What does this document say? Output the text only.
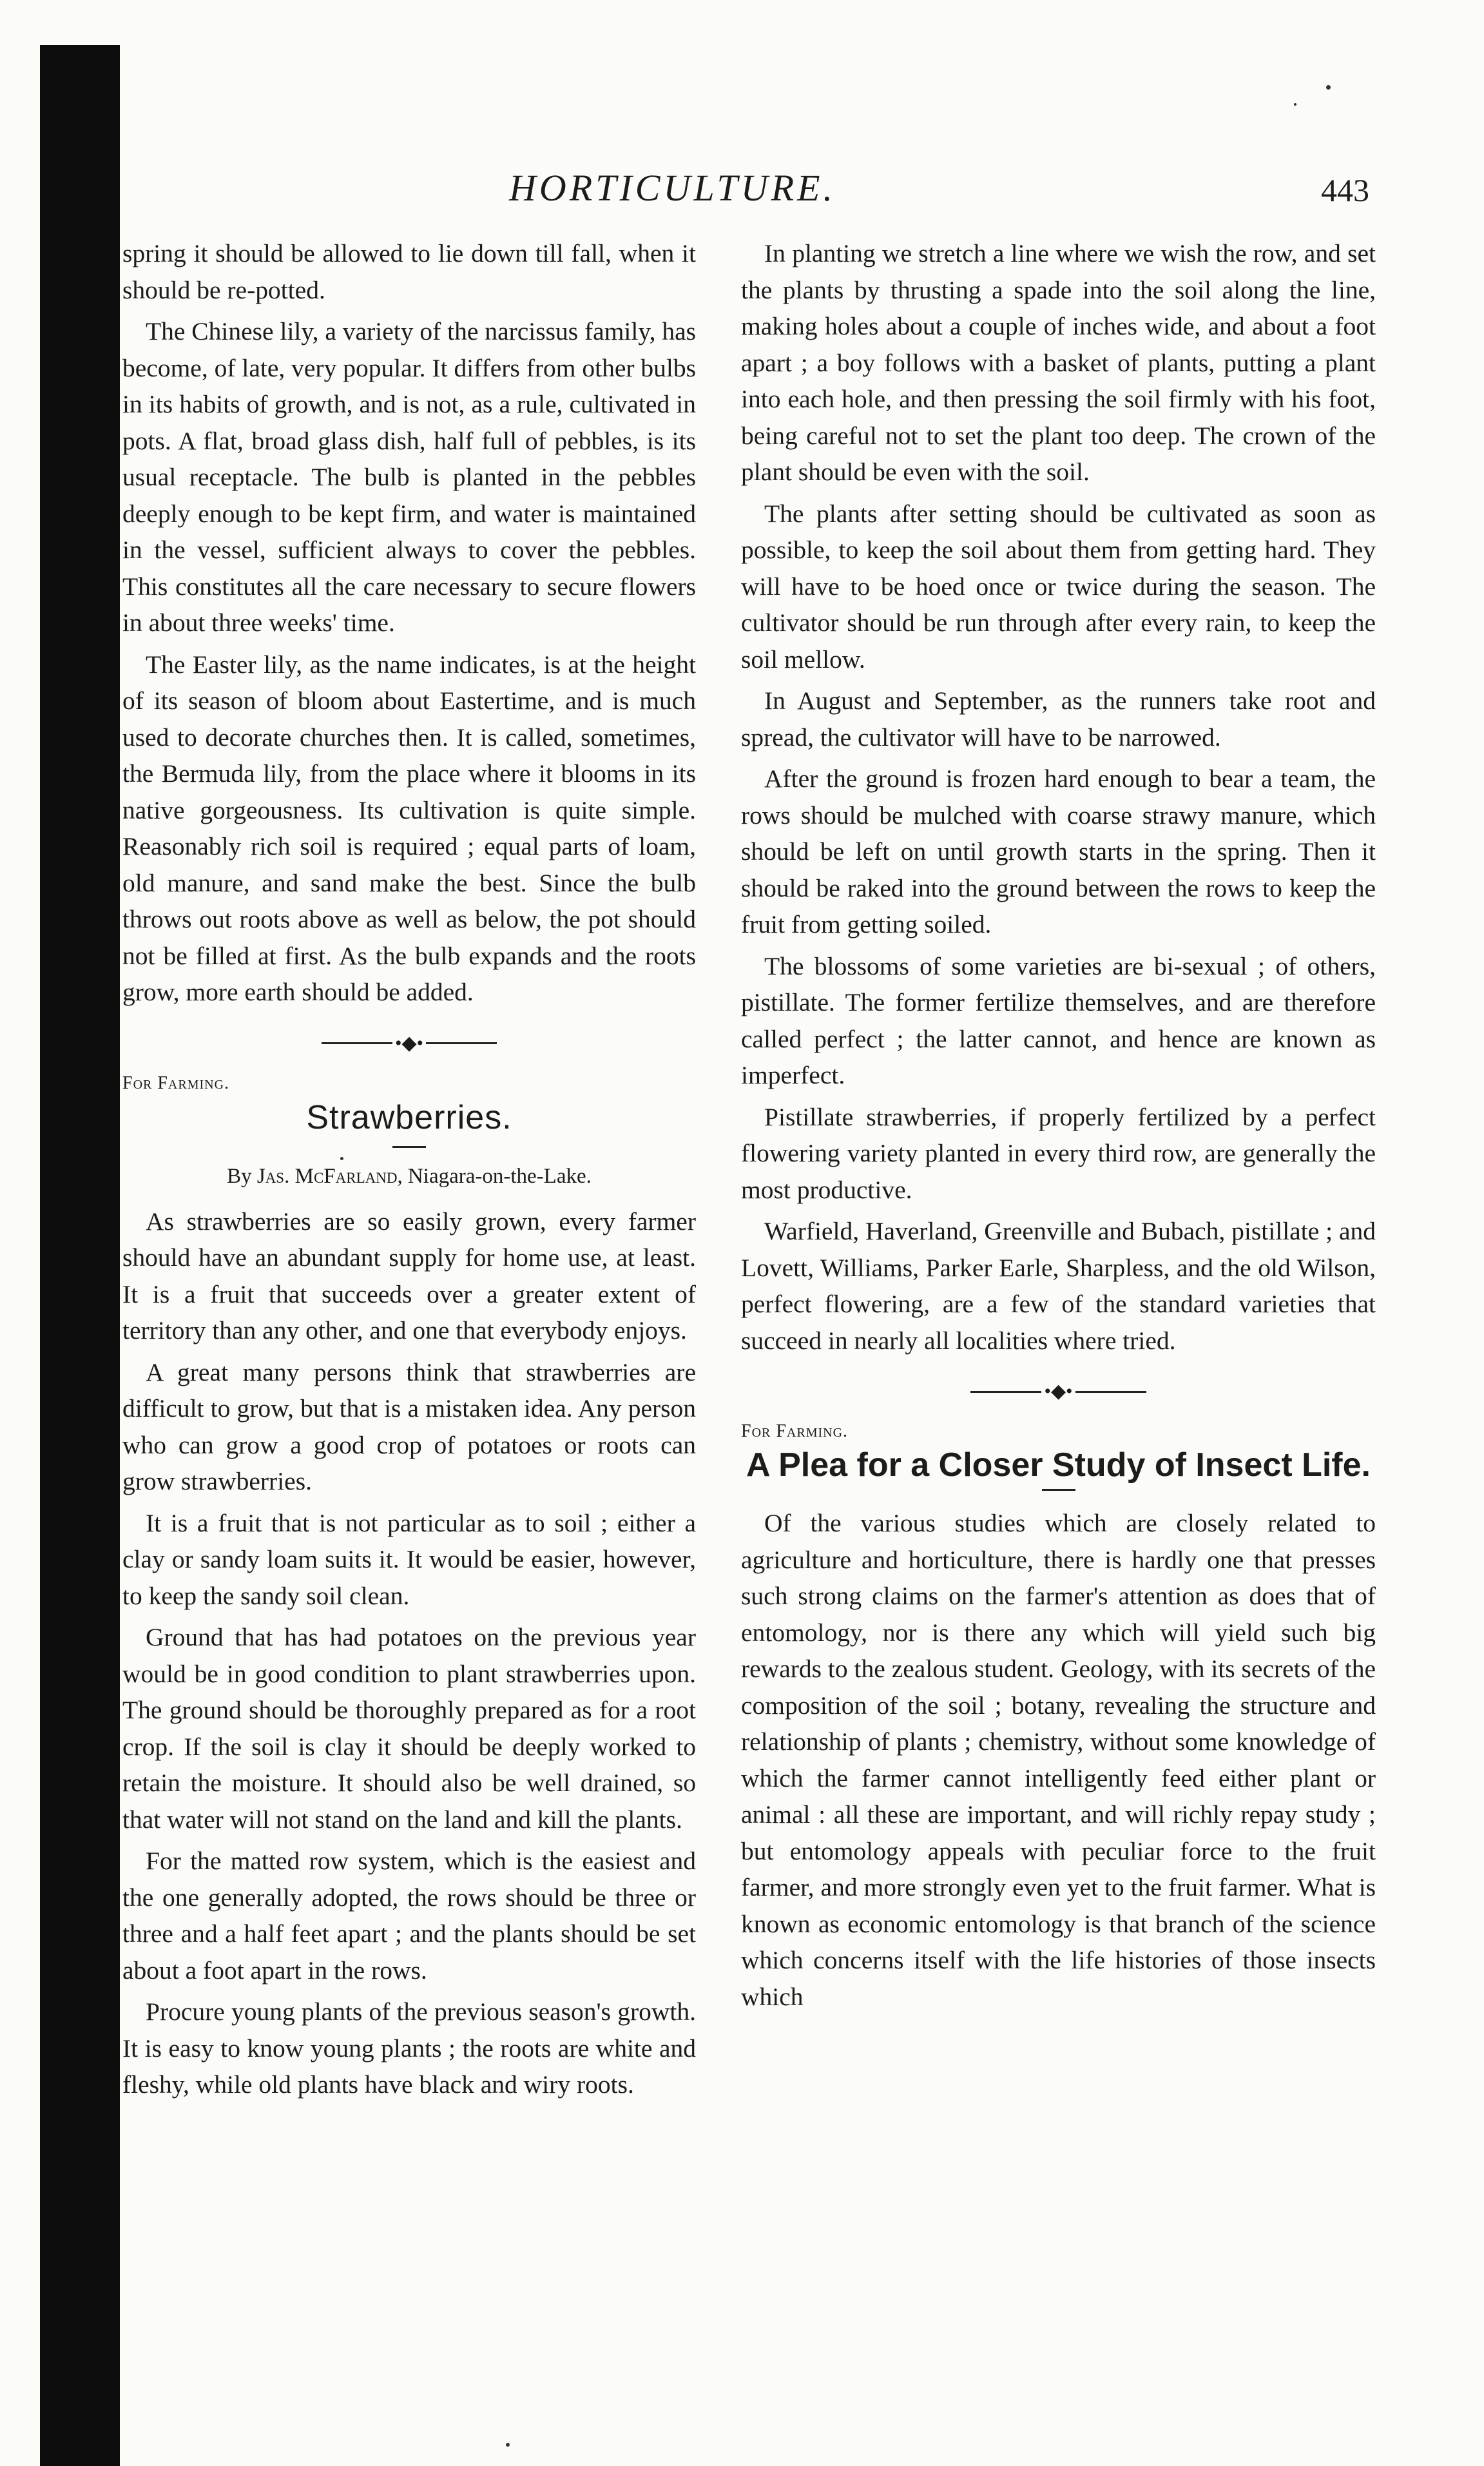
HORTICULTURE.	443

spring it should be allowed to lie down till fall, when it should be re-potted.

The Chinese lily, a variety of the narcissus family, has become, of late, very popular. It differs from other bulbs in its habits of growth, and is not, as a rule, cultivated in pots. A flat, broad glass dish, half full of pebbles, is its usual receptacle. The bulb is planted in the pebbles deeply enough to be kept firm, and water is maintained in the vessel, sufficient always to cover the pebbles. This constitutes all the care necessary to secure flowers in about three weeks' time.

The Easter lily, as the name indicates, is at the height of its season of bloom about Eastertime, and is much used to decorate churches then. It is called, sometimes, the Bermuda lily, from the place where it blooms in its native gorgeousness. Its cultivation is quite simple. Reasonably rich soil is required ; equal parts of loam, old manure, and sand make the best. Since the bulb throws out roots above as well as below, the pot should not be filled at first. As the bulb expands and the roots grow, more earth should be added.

•◆•
For Farming.
Strawberries.
By Jas. McFarland, Niagara-on-the-Lake.

As strawberries are so easily grown, every farmer should have an abundant supply for home use, at least. It is a fruit that succeeds over a greater extent of territory than any other, and one that everybody enjoys.

A great many persons think that strawberries are difficult to grow, but that is a mistaken idea. Any person who can grow a good crop of potatoes or roots can grow strawberries.

It is a fruit that is not particular as to soil ; either a clay or sandy loam suits it. It would be easier, however, to keep the sandy soil clean.

Ground that has had potatoes on the previous year would be in good condition to plant strawberries upon. The ground should be thoroughly prepared as for a root crop. If the soil is clay it should be deeply worked to retain the moisture. It should also be well drained, so that water will not stand on the land and kill the plants.

For the matted row system, which is the easiest and the one generally adopted, the rows should be three or three and a half feet apart ; and the plants should be set about a foot apart in the rows.

Procure young plants of the previous season's growth. It is easy to know young plants ; the roots are white and fleshy, while old plants have black and wiry roots.

In planting we stretch a line where we wish the row, and set the plants by thrusting a spade into the soil along the line, making holes about a couple of inches wide, and about a foot apart ; a boy follows with a basket of plants, putting a plant into each hole, and then pressing the soil firmly with his foot, being careful not to set the plant too deep. The crown of the plant should be even with the soil.

The plants after setting should be cultivated as soon as possible, to keep the soil about them from getting hard. They will have to be hoed once or twice during the season. The cultivator should be run through after every rain, to keep the soil mellow.

In August and September, as the runners take root and spread, the cultivator will have to be narrowed.

After the ground is frozen hard enough to bear a team, the rows should be mulched with coarse strawy manure, which should be left on until growth starts in the spring. Then it should be raked into the ground between the rows to keep the fruit from getting soiled.

The blossoms of some varieties are bi-sexual ; of others, pistillate. The former fertilize themselves, and are therefore called perfect ; the latter cannot, and hence are known as imperfect.

Pistillate strawberries, if properly fertilized by a perfect flowering variety planted in every third row, are generally the most productive.

Warfield, Haverland, Greenville and Bubach, pistillate ; and Lovett, Williams, Parker Earle, Sharpless, and the old Wilson, perfect flowering, are a few of the standard varieties that succeed in nearly all localities where tried.

•◆•
For Farming.
A Plea for a Closer Study of Insect Life.

Of the various studies which are closely related to agriculture and horticulture, there is hardly one that presses such strong claims on the farmer's attention as does that of entomology, nor is there any which will yield such big rewards to the zealous student. Geology, with its secrets of the composition of the soil ; botany, revealing the structure and relationship of plants ; chemistry, without some knowledge of which the farmer cannot intelligently feed either plant or animal : all these are important, and will richly repay study ; but entomology appeals with peculiar force to the fruit farmer, and more strongly even yet to the fruit farmer. What is known as economic entomology is that branch of the science which concerns itself with the life histories of those insects which
